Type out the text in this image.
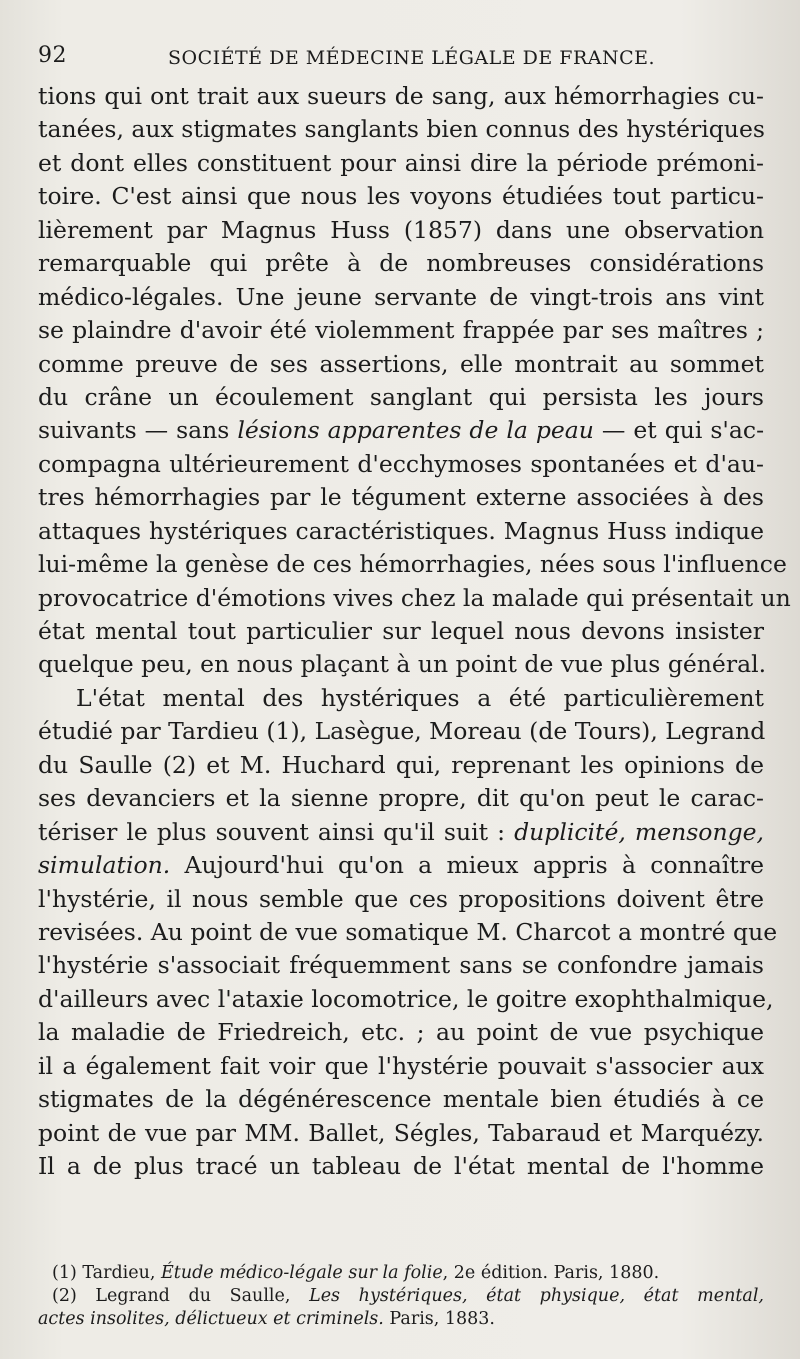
92	SOCIÉTÉ DE MÉDECINE LÉGALE DE FRANCE.
tions qui ont trait aux sueurs de sang, aux hémorrhagies cu-
tanées, aux stigmates sanglants bien connus des hystériques
et dont elles constituent pour ainsi dire la période prémoni-
toire. C'est ainsi que nous les voyons étudiées tout particu-
lièrement par Magnus Huss (1857) dans une observation
remarquable qui prête à de nombreuses considérations
médico-légales. Une jeune servante de vingt-trois ans vint
se plaindre d'avoir été violemment frappée par ses maîtres ;
comme preuve de ses assertions, elle montrait au sommet
du crâne un écoulement sanglant qui persista les jours
suivants — sans lésions apparentes de la peau — et qui s'ac-
compagna ultérieurement d'ecchymoses spontanées et d'au-
tres hémorrhagies par le tégument externe associées à des
attaques hystériques caractéristiques. Magnus Huss indique
lui-même la genèse de ces hémorrhagies, nées sous l'influence
provocatrice d'émotions vives chez la malade qui présentait un
état mental tout particulier sur lequel nous devons insister
quelque peu, en nous plaçant à un point de vue plus général.
L'état mental des hystériques a été particulièrement
étudié par Tardieu (1), Lasègue, Moreau (de Tours), Legrand
du Saulle (2) et M. Huchard qui, reprenant les opinions de
ses devanciers et la sienne propre, dit qu'on peut le carac-
tériser le plus souvent ainsi qu'il suit : duplicité, mensonge,
simulation. Aujourd'hui qu'on a mieux appris à connaître
l'hystérie, il nous semble que ces propositions doivent être
revisées. Au point de vue somatique M. Charcot a montré que
l'hystérie s'associait fréquemment sans se confondre jamais
d'ailleurs avec l'ataxie locomotrice, le goitre exophthalmique,
la maladie de Friedreich, etc. ; au point de vue psychique
il a également fait voir que l'hystérie pouvait s'associer aux
stigmates de la dégénérescence mentale bien étudiés à ce
point de vue par MM. Ballet, Ségles, Tabaraud et Marquézy.
Il a de plus tracé un tableau de l'état mental de l'homme
(1) Tardieu, Étude médico-légale sur la folie, 2e édition. Paris, 1880.
(2) Legrand du Saulle, Les hystériques, état physique, état mental,
actes insolites, délictueux et criminels. Paris, 1883.
